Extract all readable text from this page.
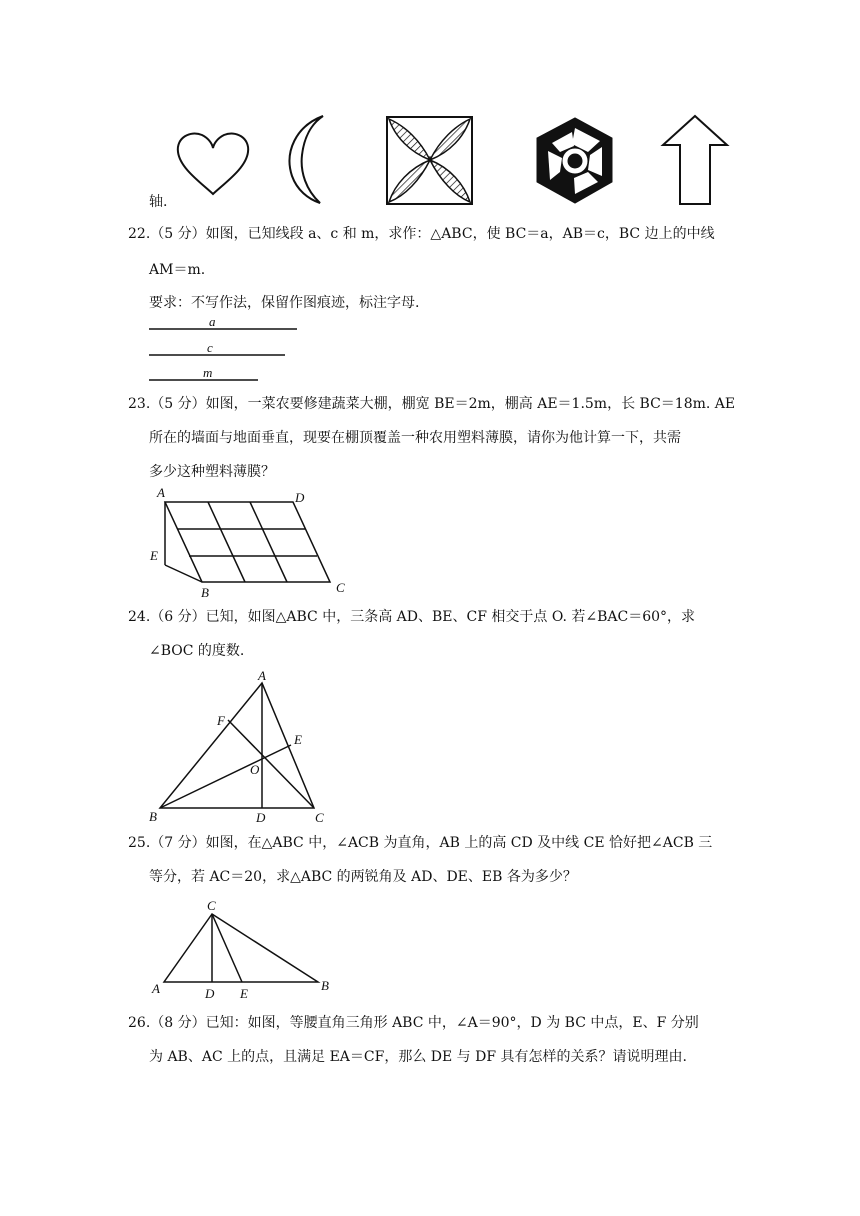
轴.
22.（5 分）如图，已知线段 a、c 和 m，求作：△ABC，使 BC＝a，AB＝c，BC 边上的中线
AM＝m.
要求：不写作法，保留作图痕迹，标注字母.
a
c
m
23.（5 分）如图，一菜农要修建蔬菜大棚，棚宽 BE＝2m，棚高 AE＝1.5m，长 BC＝18m. AE
所在的墙面与地面垂直，现要在棚顶覆盖一种农用塑料薄膜，请你为他计算一下，共需
多少这种塑料薄膜？
A	D
E
B	C
24.（6 分）已知，如图△ABC 中，三条高 AD、BE、CF 相交于点 O. 若∠BAC＝60°，求
∠BOC 的度数.
A
F
E
O
B	D	C
25.（7 分）如图，在△ABC 中，∠ACB 为直角，AB 上的高 CD 及中线 CE 恰好把∠ACB 三
等分，若 AC＝20，求△ABC 的两锐角及 AD、DE、EB 各为多少？
C
A	D E
B
26.（8 分）已知：如图，等腰直角三角形 ABC 中，∠A＝90°，D 为 BC 中点，E、F 分别
为 AB、AC 上的点，且满足 EA＝CF，那么 DE 与 DF 具有怎样的关系？请说明理由.
